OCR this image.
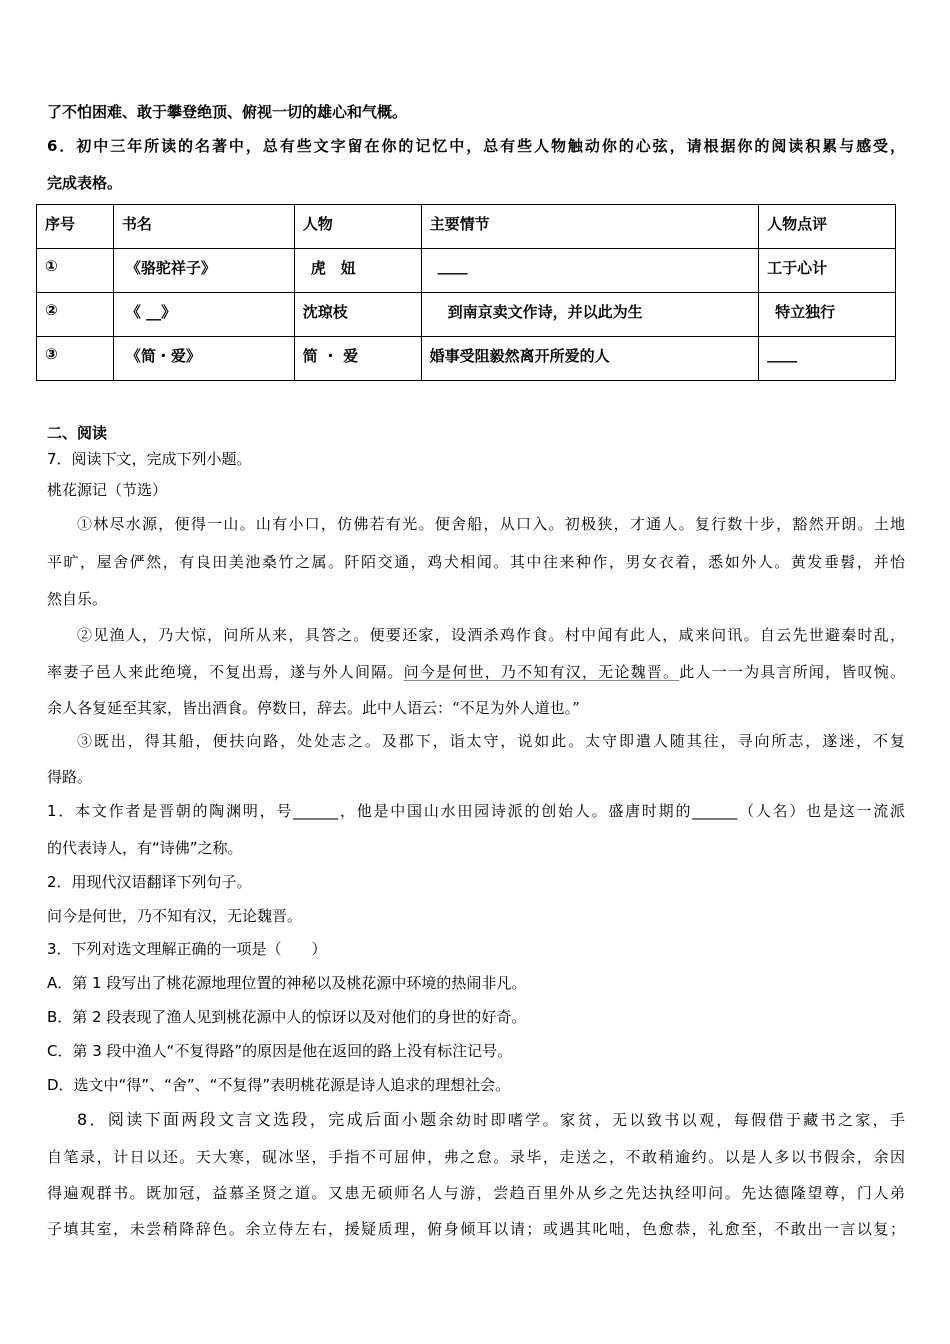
了不怕困难、敢于攀登绝顶、俯视一切的雄心和气概。
6．初中三年所读的名著中，总有些文字留在你的记忆中，总有些人物触动你的心弦，请根据你的阅读积累与感受，
完成表格。
序号	书名	人物	主要情节	人物点评
①	《骆驼祥子》	虎　妞	____	工于心计
②	《 __》	沈琼枝	到南京卖文作诗，并以此为生	特立独行
③	《简・爱》	简 ・ 爱	婚事受阻毅然离开所爱的人	____
二、阅读
7．阅读下文，完成下列小题。
桃花源记（节选）
①林尽水源，便得一山。山有小口，仿佛若有光。便舍船，从口入。初极狭，才通人。复行数十步，豁然开朗。土地
平旷，屋舍俨然，有良田美池桑竹之属。阡陌交通，鸡犬相闻。其中往来种作，男女衣着，悉如外人。黄发垂髫，并怡
然自乐。
②见渔人，乃大惊，问所从来，具答之。便要还家，设酒杀鸡作食。村中闻有此人，咸来问讯。自云先世避秦时乱，
率妻子邑人来此绝境，不复出焉，遂与外人间隔。问今是何世，乃不知有汉，无论魏晋。此人一一为具言所闻，皆叹惋。
余人各复延至其家，皆出酒食。停数日，辞去。此中人语云：“不足为外人道也。”
③既出，得其船，便扶向路，处处志之。及郡下，诣太守，说如此。太守即遣人随其往，寻向所志，遂迷，不复
得路。
1．本文作者是晋朝的陶渊明，号______，他是中国山水田园诗派的创始人。盛唐时期的______（人名）也是这一流派
的代表诗人，有“诗佛”之称。
2．用现代汉语翻译下列句子。
问今是何世，乃不知有汉，无论魏晋。
3．下列对选文理解正确的一项是（　　）
A．第 1 段写出了桃花源地理位置的神秘以及桃花源中环境的热闹非凡。
B．第 2 段表现了渔人见到桃花源中人的惊讶以及对他们的身世的好奇。
C．第 3 段中渔人“不复得路”的原因是他在返回的路上没有标注记号。
D．选文中“得”、“舍”、“不复得”表明桃花源是诗人追求的理想社会。
8．阅读下面两段文言文选段，完成后面小题余幼时即嗜学。家贫，无以致书以观，每假借于藏书之家，手
自笔录，计日以还。天大寒，砚冰坚，手指不可屈伸，弗之怠。录毕，走送之，不敢稍逾约。以是人多以书假余，余因
得遍观群书。既加冠，益慕圣贤之道。又患无硕师名人与游，尝趋百里外从乡之先达执经叩问。先达德隆望尊，门人弟
子填其室，未尝稍降辞色。余立侍左右，援疑质理，俯身倾耳以请；或遇其叱咄，色愈恭，礼愈至，不敢出一言以复；
